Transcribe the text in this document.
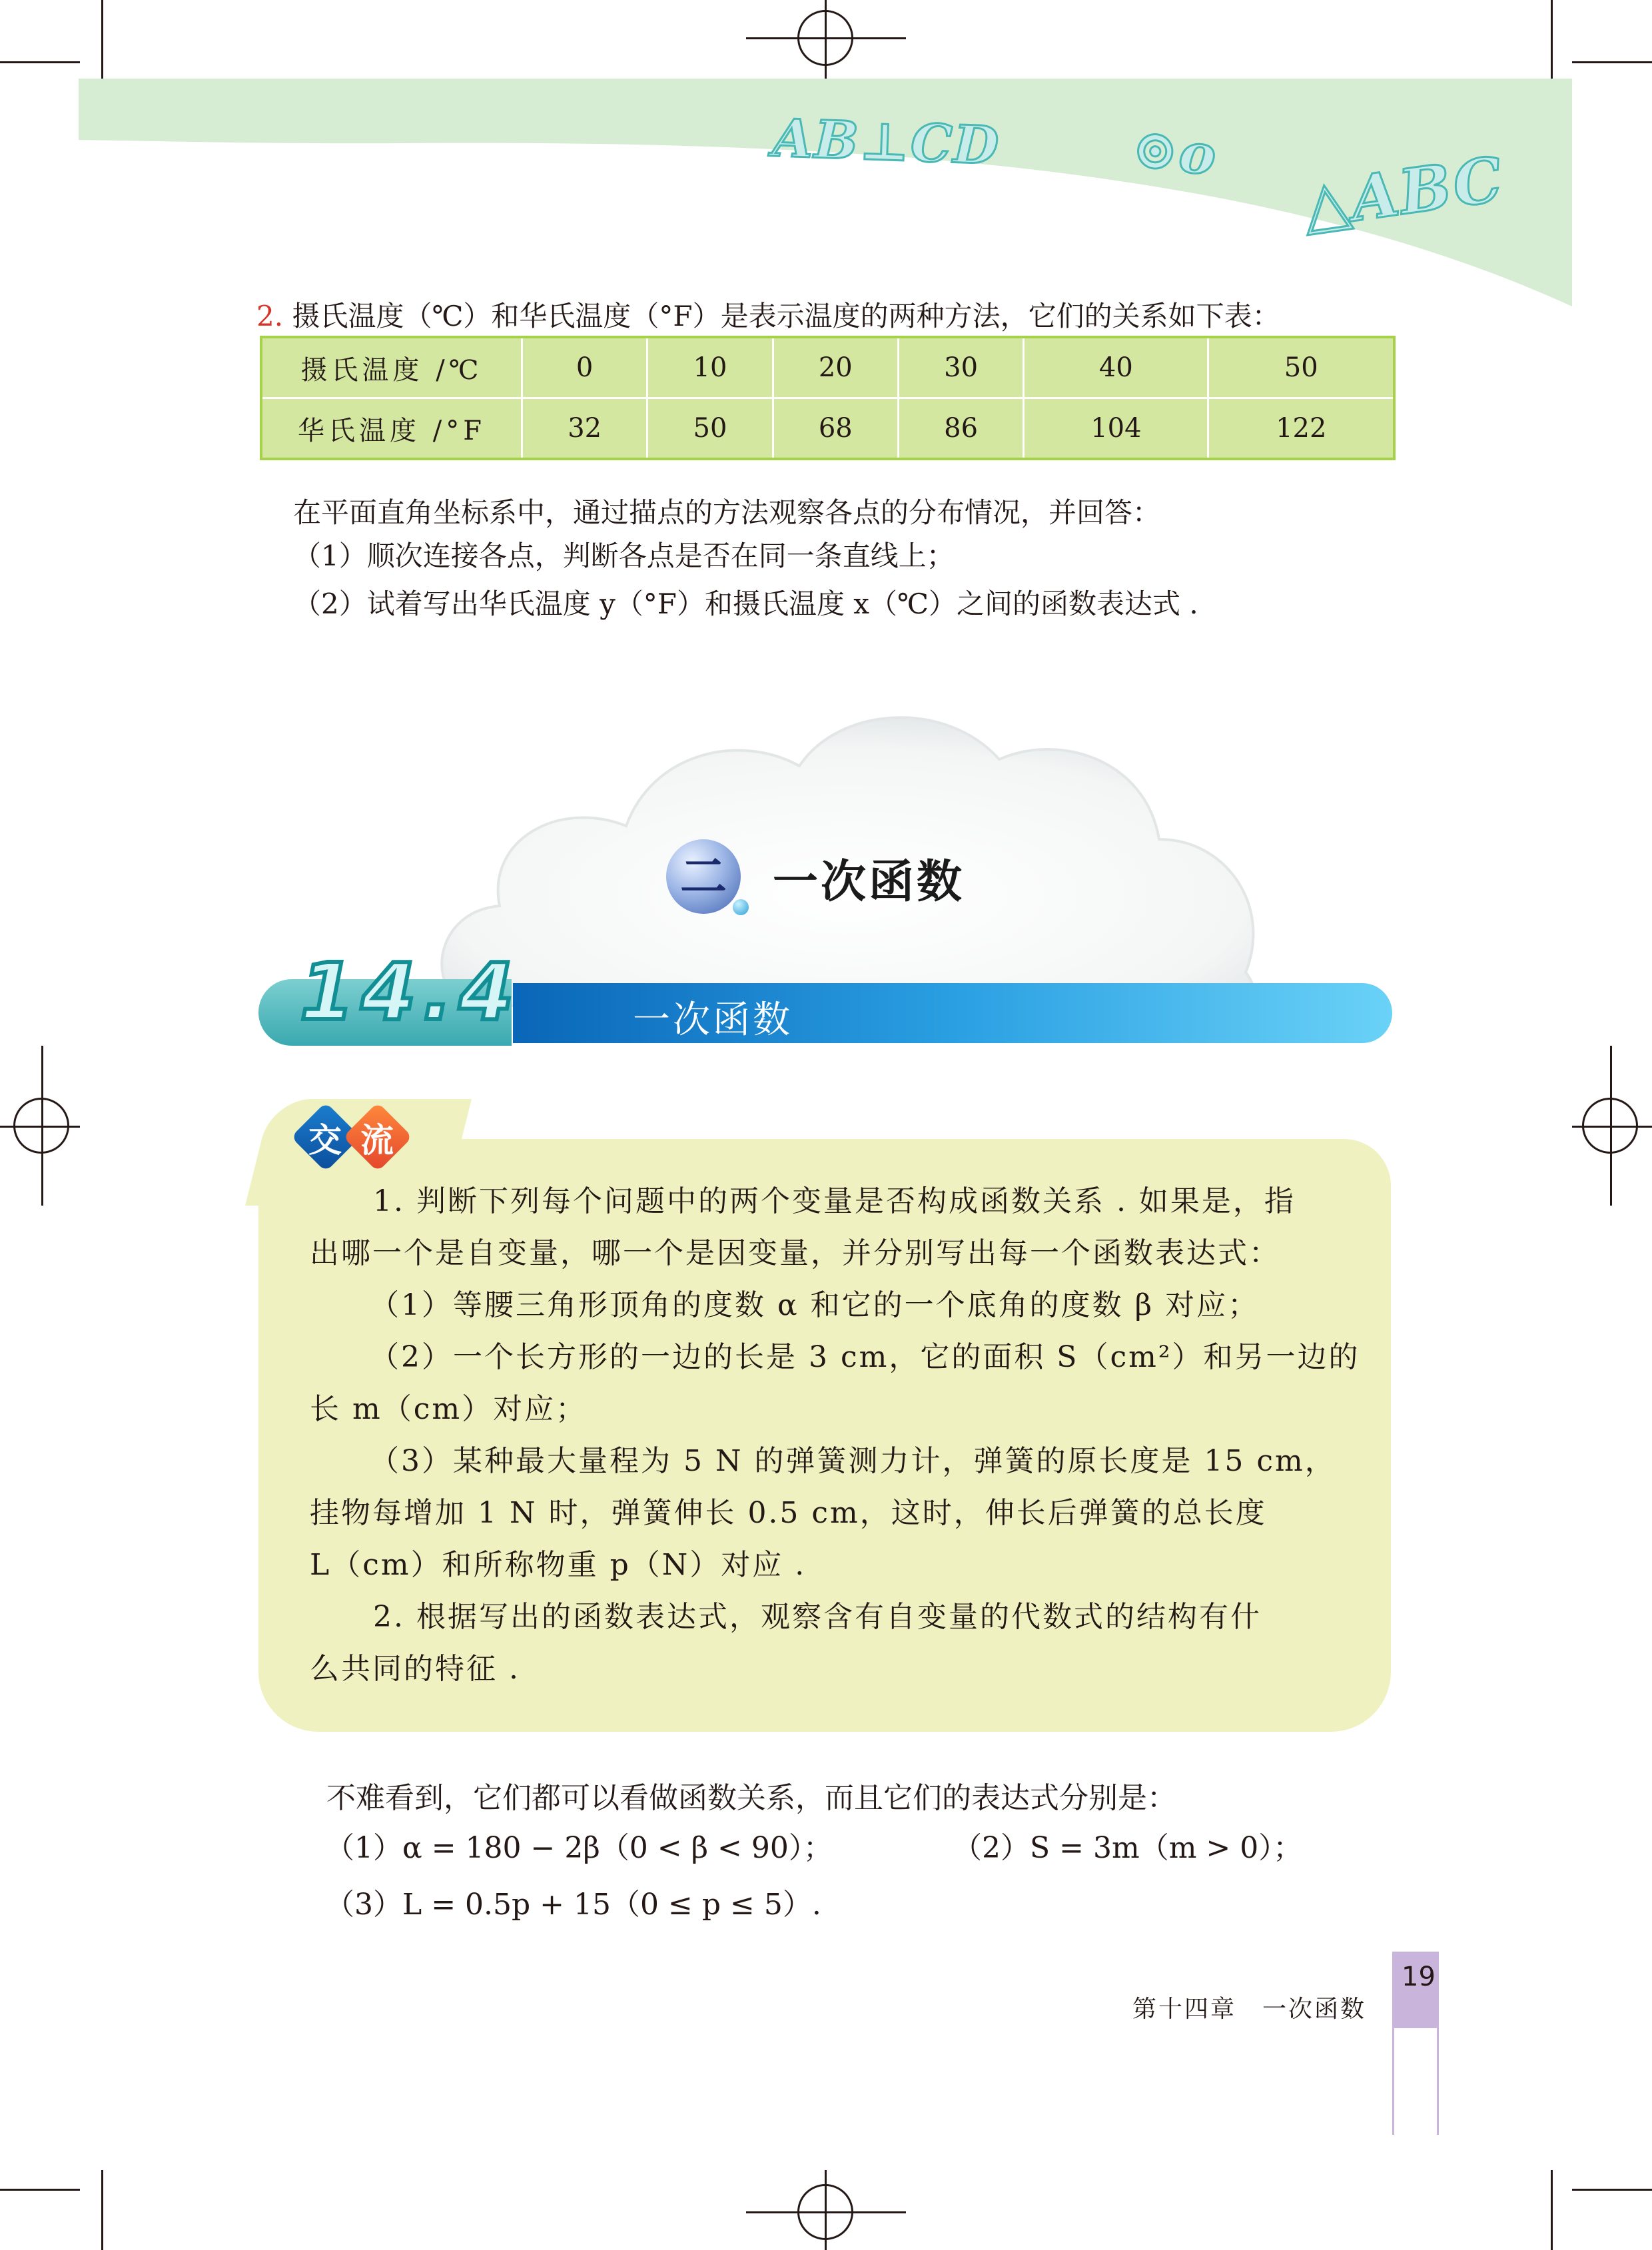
AB⊥CD ⊙o △ABC
2. 摄氏温度（℃）和华氏温度（°F）是表示温度的两种方法，它们的关系如下表：
摄氏温度 /℃	0	10	20	30	40	50
华氏温度 /°F	32	50	68	86	104	122
在平面直角坐标系中，通过描点的方法观察各点的分布情况，并回答：
（1）顺次连接各点，判断各点是否在同一条直线上；
（2）试着写出华氏温度 y（°F）和摄氏温度 x（℃）之间的函数表达式 .
二	一次函数
14.4	一次函数
交 流
1. 判断下列每个问题中的两个变量是否构成函数关系 . 如果是，指
出哪一个是自变量，哪一个是因变量，并分别写出每一个函数表达式：
（1）等腰三角形顶角的度数 α 和它的一个底角的度数 β 对应；
（2）一个长方形的一边的长是 3 cm，它的面积 S（cm²）和另一边的
长 m（cm）对应；
（3）某种最大量程为 5 N 的弹簧测力计，弹簧的原长度是 15 cm，
挂物每增加 1 N 时，弹簧伸长 0.5 cm，这时，伸长后弹簧的总长度
L（cm）和所称物重 p（N）对应 .
2. 根据写出的函数表达式，观察含有自变量的代数式的结构有什
么共同的特征 .
不难看到，它们都可以看做函数关系，而且它们的表达式分别是：
（1）α = 180 − 2β（0 < β < 90）；	（2）S = 3m（m > 0）；
（3）L = 0.5p + 15（0 ≤ p ≤ 5）.
第十四章　一次函数
19
